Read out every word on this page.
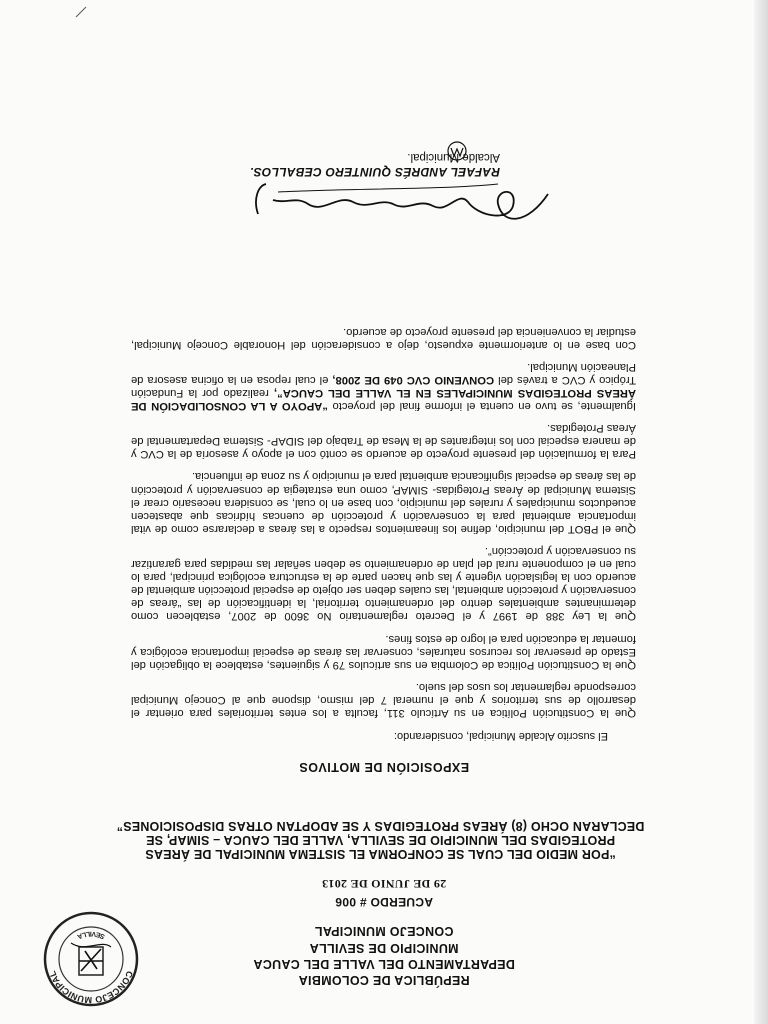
CONCEJO MUNICIPAL
SEVILLA
REPÚBLICA DE COLOMBIA
DEPARTAMENTO DEL VALLE DEL CAUCA
MUNICIPIO DE SEVILLA
CONCEJO MUNICIPAL
ACUERDO # 006
29 DE JUNIO DE 2013
“POR MEDIO DEL CUAL SE CONFORMA EL SISTEMA MUNICIPAL DE ÁREAS PROTEGIDAS DEL MUNICIPIO DE SEVILLA, VALLE DEL CAUCA – SIMAP, SE DECLARAN OCHO (8) ÁREAS PROTEGIDAS Y SE ADOPTAN OTRAS DISPOSICIONES”
EXPOSICIÓN DE MOTIVOS
El suscrito Alcalde Municipal, considerando:

Que la Constitución Política en su Artículo 311, faculta a los entes territoriales para orientar el desarrollo de sus territorios y que el numeral 7 del mismo, dispone que al Concejo Municipal corresponde reglamentar los usos del suelo.

Que la Constitución Política de Colombia en sus artículos 79 y siguientes, establece la obligación del Estado de preservar los recursos naturales, conservar las áreas de especial importancia ecológica y fomentar la educación para el logro de estos fines.

Que la Ley 388 de 1997 y el Decreto reglamentario No 3600 de 2007, establecen como determinantes ambientales dentro del ordenamiento territorial, la identificación de las “áreas de conservación y protección ambiental, las cuales deben ser objeto de especial protección ambiental de acuerdo con la legislación vigente y las que hacen parte de la estructura ecológica principal, para lo cual en el componente rural del plan de ordenamiento se deben señalar las medidas para garantizar su conservación y protección”.

Que el PBOT del municipio, define los lineamientos respecto a las áreas a declararse como de vital importancia ambiental para la conservación y protección de cuencas hídricas que abastecen acueductos municipales y rurales del municipio, con base en lo cual, se considera necesario crear el Sistema Municipal de Áreas Protegidas- SIMAP, como una estrategia de conservación y protección de las áreas de especial significancia ambiental para el municipio y su zona de influencia.

Para la formulación del presente proyecto de acuerdo se contó con el apoyo y asesoría de la CVC y de manera especial con los integrantes de la Mesa de Trabajo del SIDAP- Sistema Departamental de Áreas Protegidas.

Igualmente, se tuvo en cuenta el informe final del proyecto “APOYO A LA CONSOLIDACIÓN DE ÁREAS PROTEGIDAS MUNICIPALES EN EL VALLE DEL CAUCA”, realizado por la Fundación Trópico y CVC a través del CONVENIO CVC 049 DE 2008, el cual reposa en la oficina asesora de Planeación Municipal.

Con base en lo anteriormente expuesto, dejo a consideración del Honorable Concejo Municipal, estudiar la conveniencia del presente proyecto de acuerdo.

RAFAEL ANDRÉS QUINTERO CEBALLOS.
Alcalde Municipal.
